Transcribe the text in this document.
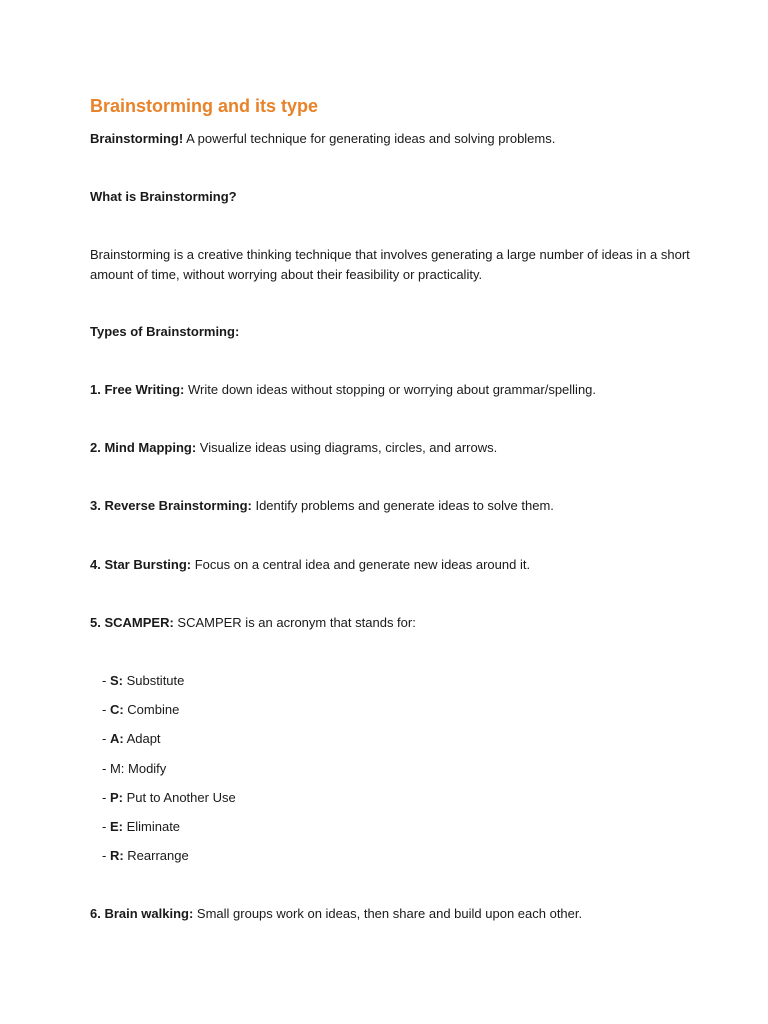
Brainstorming and its type

Brainstorming! A powerful technique for generating ideas and solving problems.

What is Brainstorming?

Brainstorming is a creative thinking technique that involves generating a large number of ideas in a short amount of time, without worrying about their feasibility or practicality.

Types of Brainstorming:

1. Free Writing: Write down ideas without stopping or worrying about grammar/spelling.

2. Mind Mapping: Visualize ideas using diagrams, circles, and arrows.

3. Reverse Brainstorming: Identify problems and generate ideas to solve them.

4. Star Bursting: Focus on a central idea and generate new ideas around it.

5. SCAMPER: SCAMPER is an acronym that stands for:

- S: Substitute
- C: Combine
- A: Adapt
- M: Modify
- P: Put to Another Use
- E: Eliminate
- R: Rearrange

6. Brain walking: Small groups work on ideas, then share and build upon each other.
